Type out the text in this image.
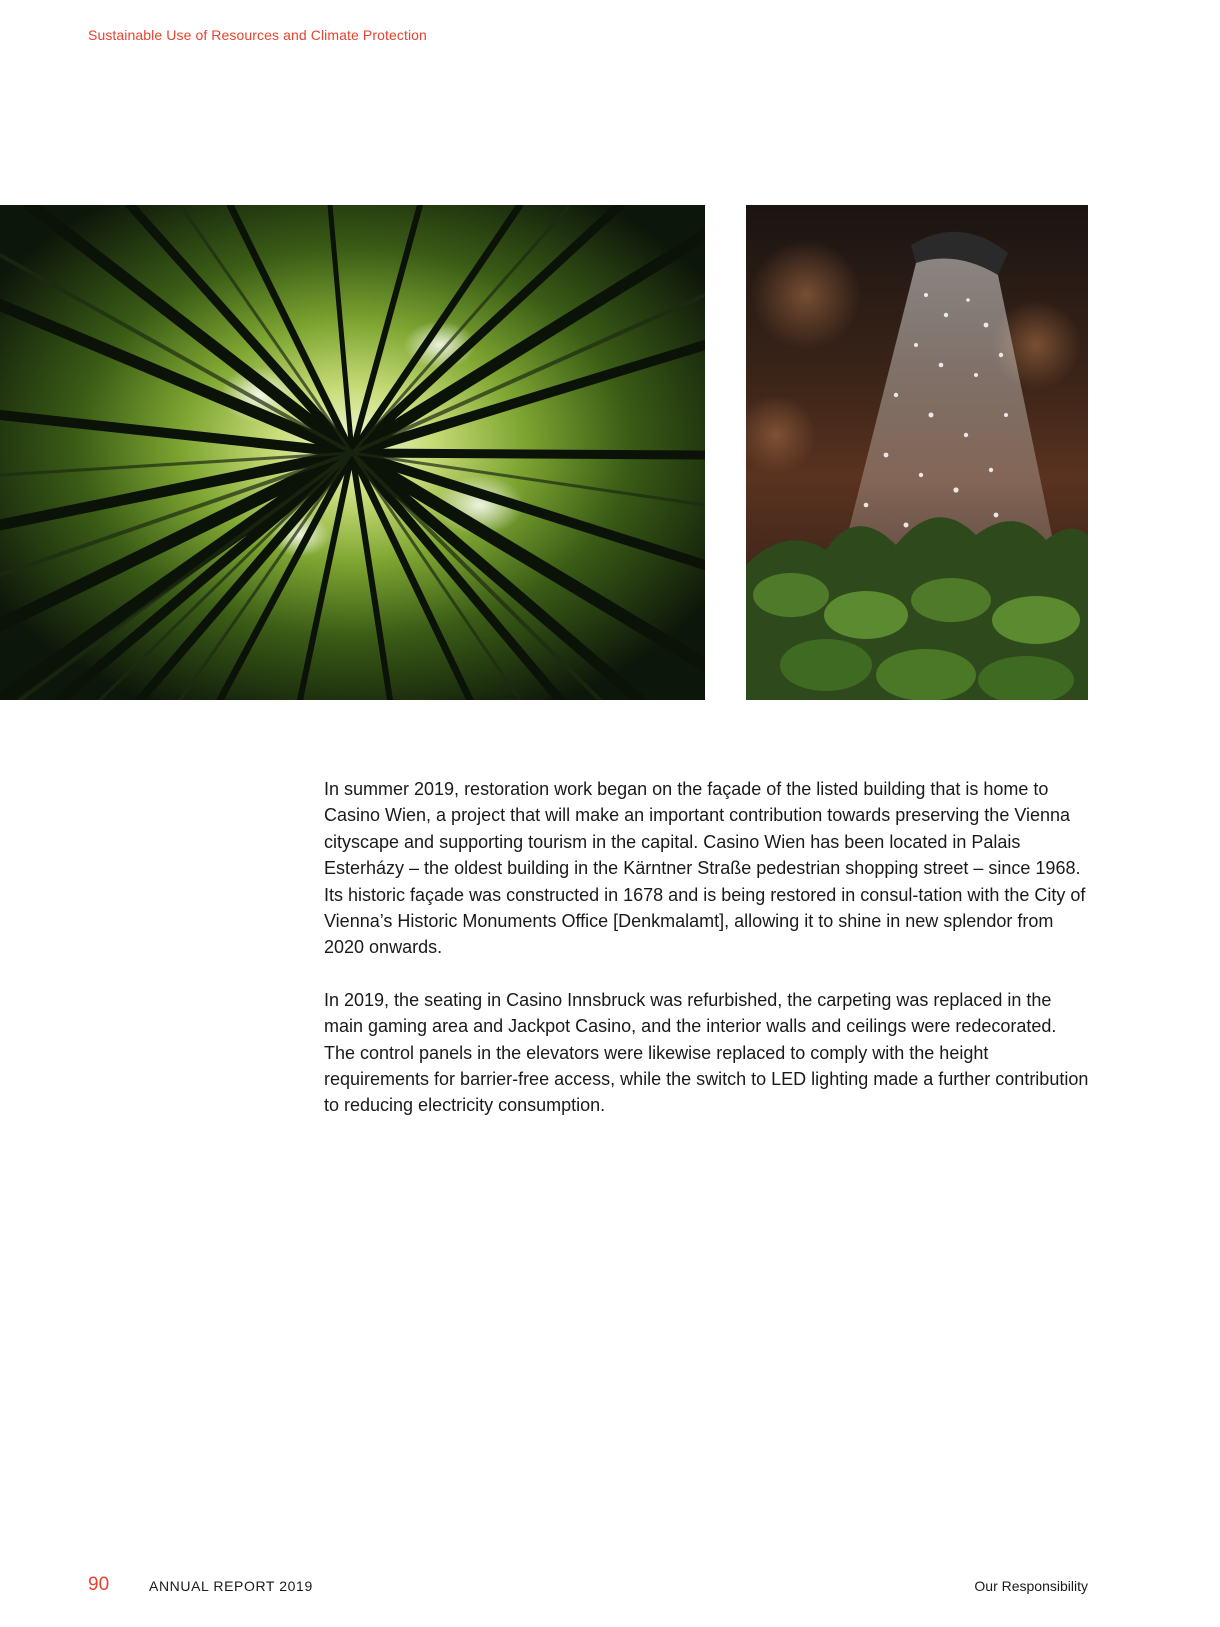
Sustainable Use of Resources and Climate Protection

In summer 2019, restoration work began on the façade of the listed building that is home to Casino Wien, a project that will make an important contribution towards preserving the Vienna cityscape and supporting tourism in the capital. Casino Wien has been located in Palais Esterházy – the oldest building in the Kärntner Straße pedestrian shopping street – since 1968. Its historic façade was constructed in 1678 and is being restored in consul-tation with the City of Vienna’s Historic Monuments Office [Denkmalamt], allowing it to shine in new splendor from 2020 onwards.

In 2019, the seating in Casino Innsbruck was refurbished, the carpeting was replaced in the main gaming area and Jackpot Casino, and the interior walls and ceilings were redecorated. The control panels in the elevators were likewise replaced to comply with the height requirements for barrier-free access, while the switch to LED lighting made a further contribution to reducing electricity consumption.

90	ANNUAL REPORT 2019	Our Responsibility
